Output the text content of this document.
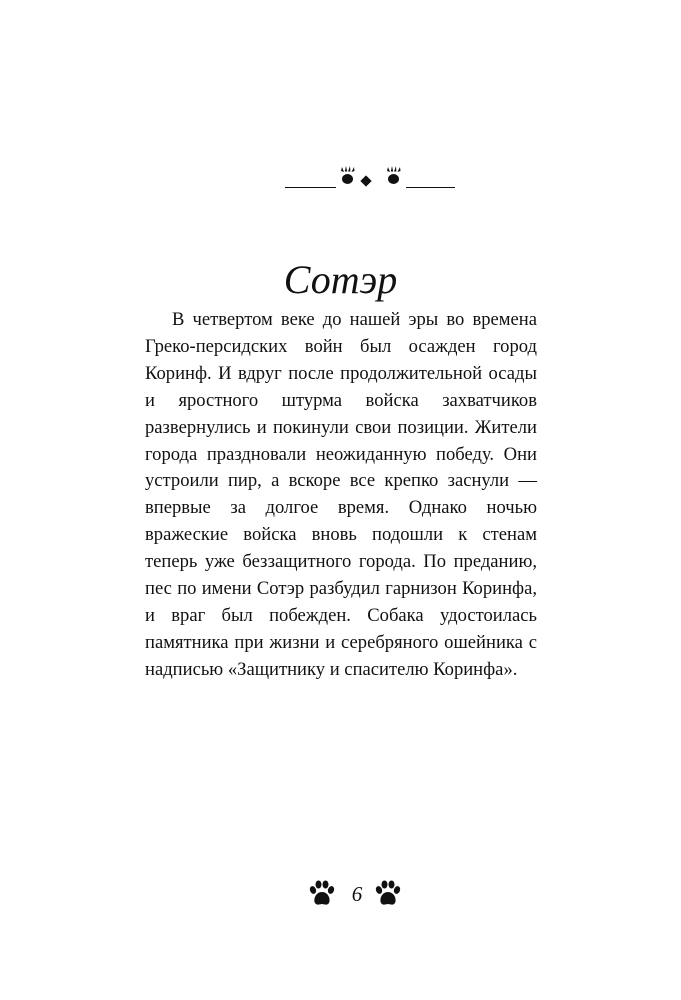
Сотэр

В четвертом веке до нашей эры во времена Греко-персидских войн был осажден город Коринф. И вдруг после продолжительной осады и яростного штурма войска захватчиков развернулись и покинули свои позиции. Жители города праздновали неожиданную победу. Они устроили пир, а вскоре все крепко заснули — впервые за долгое время. Однако ночью вражеские войска вновь подошли к стенам теперь уже беззащитного города. По преданию, пес по имени Сотэр разбудил гарнизон Коринфа, и враг был побежден. Собака удостоилась памятника при жизни и серебряного ошейника с надписью «Защитнику и спасителю Коринфа».

6
